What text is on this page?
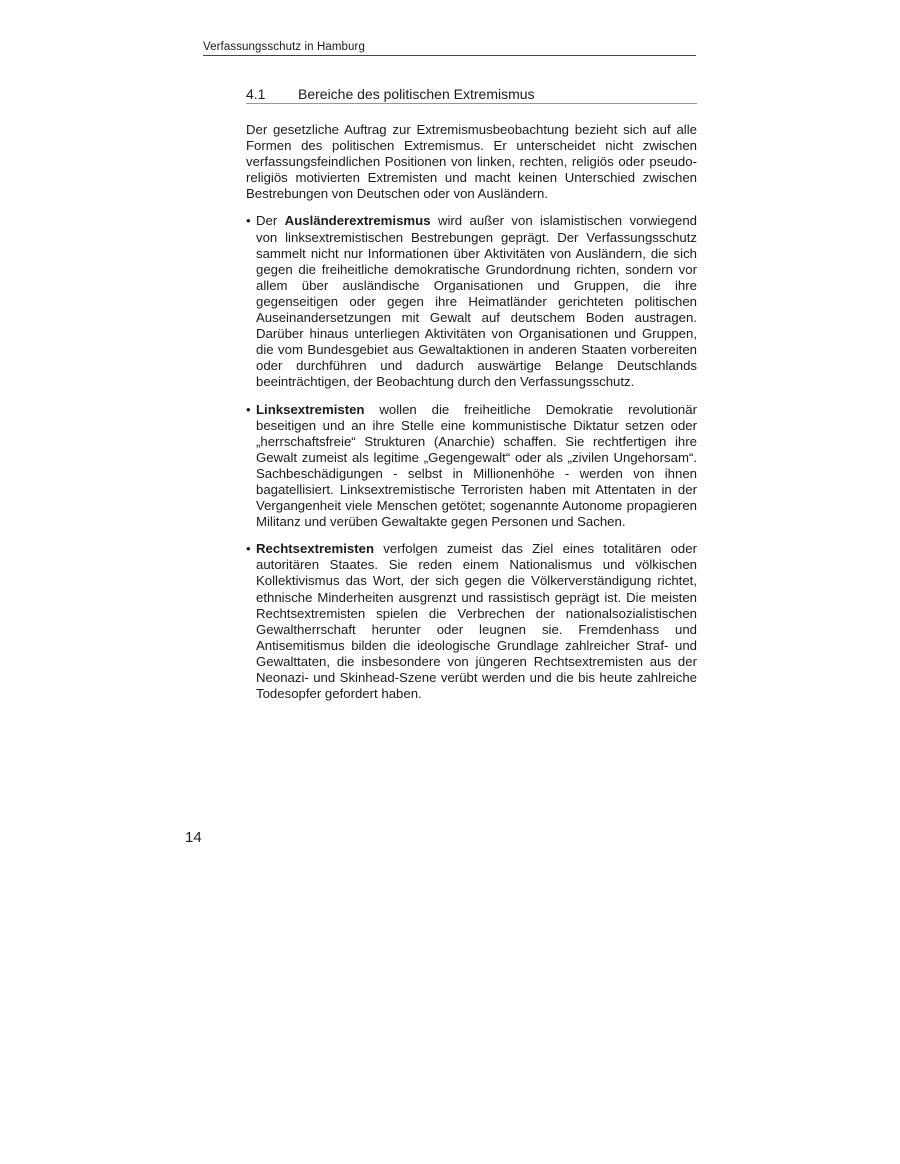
Verfassungsschutz in Hamburg
4.1 Bereiche des politischen Extremismus

Der gesetzliche Auftrag zur Extremismusbeobachtung bezieht sich auf alle Formen des politischen Extremismus. Er unterscheidet nicht zwischen verfassungsfeindlichen Positionen von linken, rechten, religiös oder pseudo-religiös motivierten Extremisten und macht keinen Unterschied zwischen Bestrebungen von Deutschen oder von Ausländern.

• Der Ausländerextremismus wird außer von islamistischen vorwiegend von linksextremistischen Bestrebungen geprägt. Der Verfassungsschutz sammelt nicht nur Informationen über Aktivitäten von Ausländern, die sich gegen die freiheitliche demokratische Grundordnung richten, sondern vor allem über ausländische Organisationen und Gruppen, die ihre gegenseitigen oder gegen ihre Heimatländer gerichteten politischen Auseinandersetzungen mit Gewalt auf deutschem Boden austragen. Darüber hinaus unterliegen Aktivitäten von Organisationen und Gruppen, die vom Bundesgebiet aus Gewaltaktionen in anderen Staaten vorbereiten oder durchführen und dadurch auswärtige Belange Deutschlands beeinträchtigen, der Beobachtung durch den Verfassungsschutz.
• Linksextremisten wollen die freiheitliche Demokratie revolutionär beseitigen und an ihre Stelle eine kommunistische Diktatur setzen oder „herrschaftsfreie“ Strukturen (Anarchie) schaffen. Sie rechtfertigen ihre Gewalt zumeist als legitime „Gegengewalt“ oder als „zivilen Ungehorsam“. Sachbeschädigungen - selbst in Millionenhöhe - werden von ihnen bagatellisiert. Linksextremistische Terroristen haben mit Attentaten in der Vergangenheit viele Menschen getötet; sogenannte Autonome propagieren Militanz und verüben Gewaltakte gegen Personen und Sachen.
• Rechtsextremisten verfolgen zumeist das Ziel eines totalitären oder autoritären Staates. Sie reden einem Nationalismus und völkischen Kollektivismus das Wort, der sich gegen die Völkerverständigung richtet, ethnische Minderheiten ausgrenzt und rassistisch geprägt ist. Die meisten Rechtsextremisten spielen die Verbrechen der nationalsozialistischen Gewaltherrschaft herunter oder leugnen sie. Fremdenhass und Antisemitismus bilden die ideologische Grundlage zahlreicher Straf- und Gewalttaten, die insbesondere von jüngeren Rechtsextremisten aus der Neonazi- und Skinhead-Szene verübt werden und die bis heute zahlreiche Todesopfer gefordert haben.
14
